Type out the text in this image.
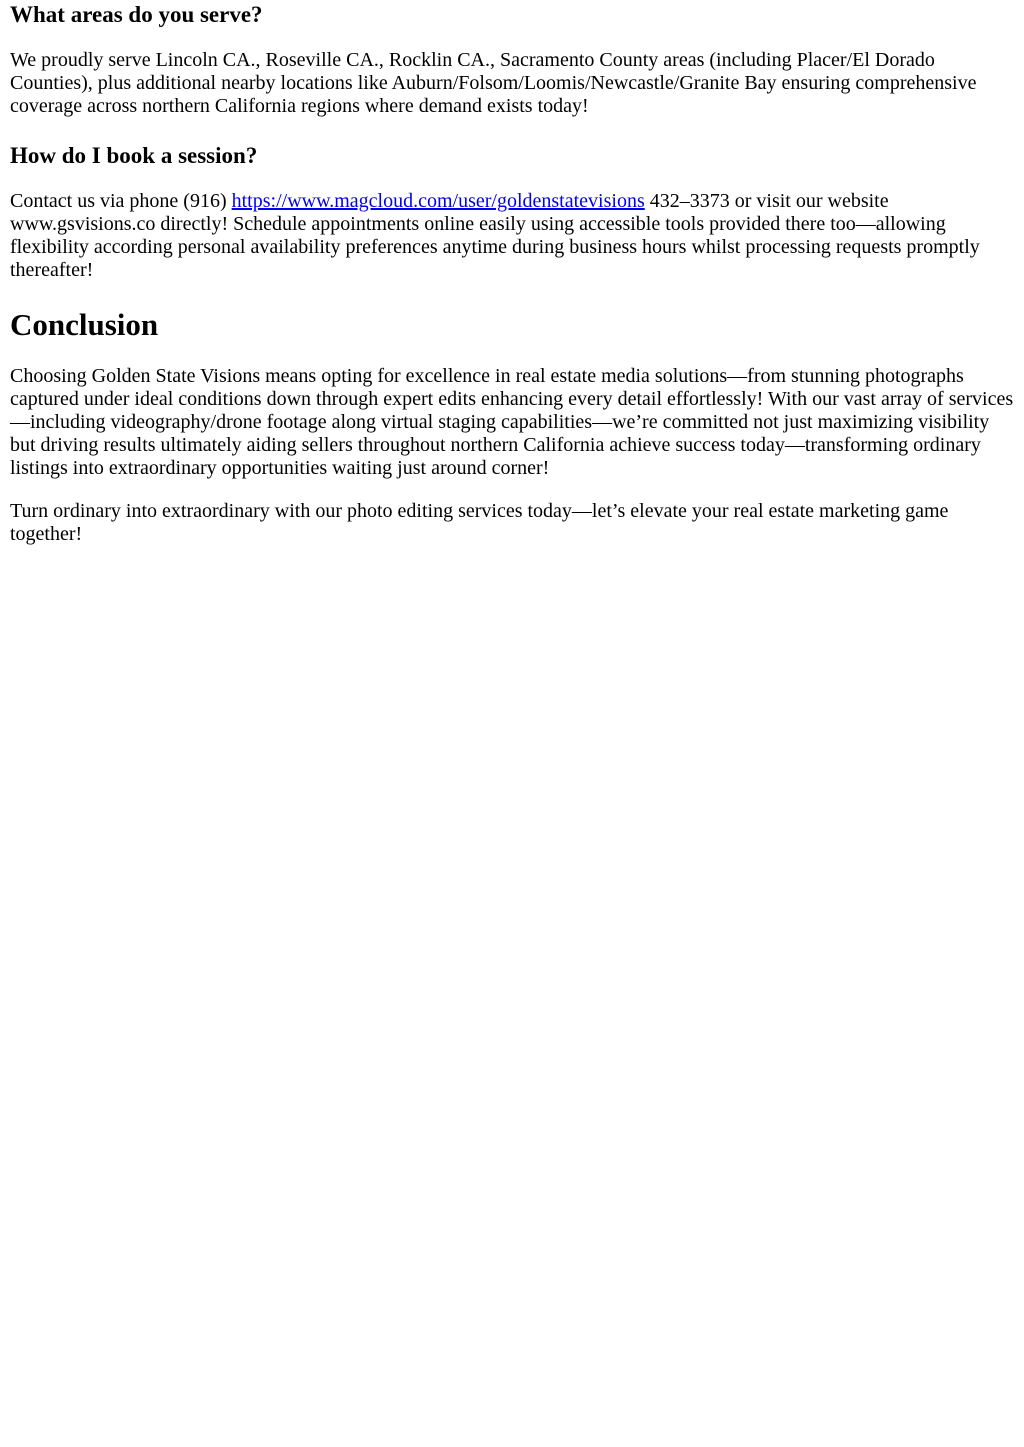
What areas do you serve?

We proudly serve Lincoln CA., Roseville CA., Rocklin CA., Sacramento County areas (including Placer/El Dorado Counties), plus additional nearby locations like Auburn/Folsom/Loomis/Newcastle/Granite Bay ensuring comprehensive coverage across northern California regions where demand exists today!

How do I book a session?

Contact us via phone (916) https://www.magcloud.com/user/goldenstatevisions 432–3373 or visit our website www.gsvisions.co directly! Schedule appointments online easily using accessible tools provided there too—allowing flexibility according personal availability preferences anytime during business hours whilst processing requests promptly thereafter!

Conclusion

Choosing Golden State Visions means opting for excellence in real estate media solutions—from stunning photographs captured under ideal conditions down through expert edits enhancing every detail effortlessly! With our vast array of services—including videography/drone footage along virtual staging capabilities—we’re committed not just maximizing visibility but driving results ultimately aiding sellers throughout northern California achieve success today—transforming ordinary listings into extraordinary opportunities waiting just around corner!

Turn ordinary into extraordinary with our photo editing services today—let’s elevate your real estate marketing game together!
